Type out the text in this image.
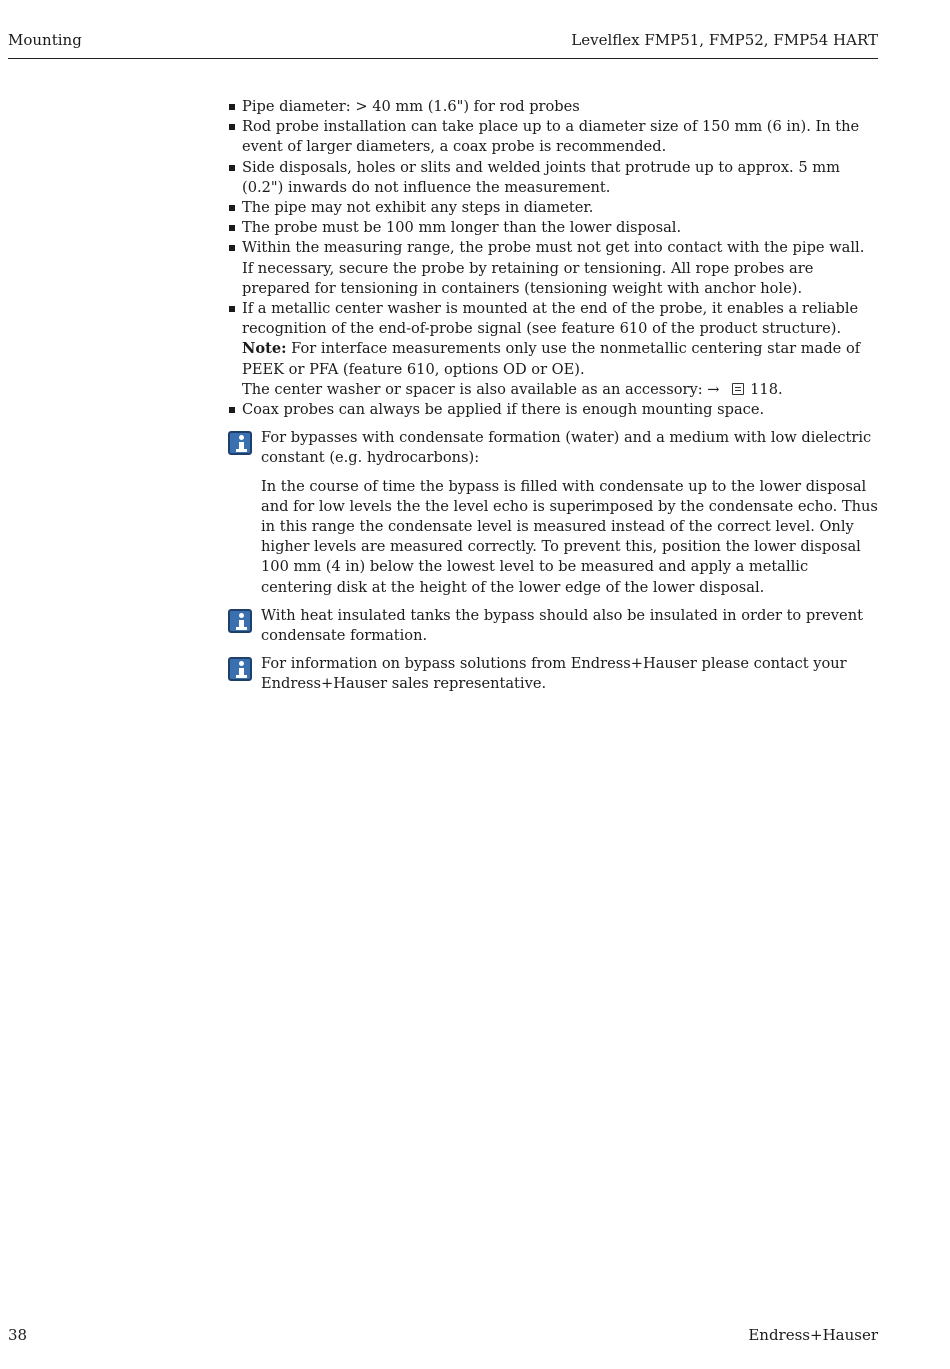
Mounting	Levelflex FMP51, FMP52, FMP54 HART
Pipe diameter: > 40 mm (1.6") for rod probes
Rod probe installation can take place up to a diameter size of 150 mm (6 in). In the event of larger diameters, a coax probe is recommended.
Side disposals, holes or slits and welded joints that protrude up to approx. 5 mm (0.2") inwards do not influence the measurement.
The pipe may not exhibit any steps in diameter.
The probe must be 100 mm longer than the lower disposal.
Within the measuring range, the probe must not get into contact with the pipe wall. If necessary, secure the probe by retaining or tensioning. All rope probes are prepared for tensioning in containers (tensioning weight with anchor hole).
If a metallic center washer is mounted at the end of the probe, it enables a reliable recognition of the end-of-probe signal (see feature 610 of the product structure).
Note: For interface measurements only use the nonmetallic centering star made of PEEK or PFA (feature 610, options OD or OE).
The center washer or spacer is also available as an accessory: → 118.
Coax probes can always be applied if there is enough mounting space.

For bypasses with condensate formation (water) and a medium with low dielectric constant (e.g. hydrocarbons):

In the course of time the bypass is filled with condensate up to the lower disposal and for low levels the the level echo is superimposed by the condensate echo. Thus in this range the condensate level is measured instead of the correct level. Only higher levels are measured correctly. To prevent this, position the lower disposal 100 mm (4 in) below the lowest level to be measured and apply a metallic centering disk at the height of the lower edge of the lower disposal.

With heat insulated tanks the bypass should also be insulated in order to prevent condensate formation.

For information on bypass solutions from Endress+Hauser please contact your Endress+Hauser sales representative.

38	Endress+Hauser
